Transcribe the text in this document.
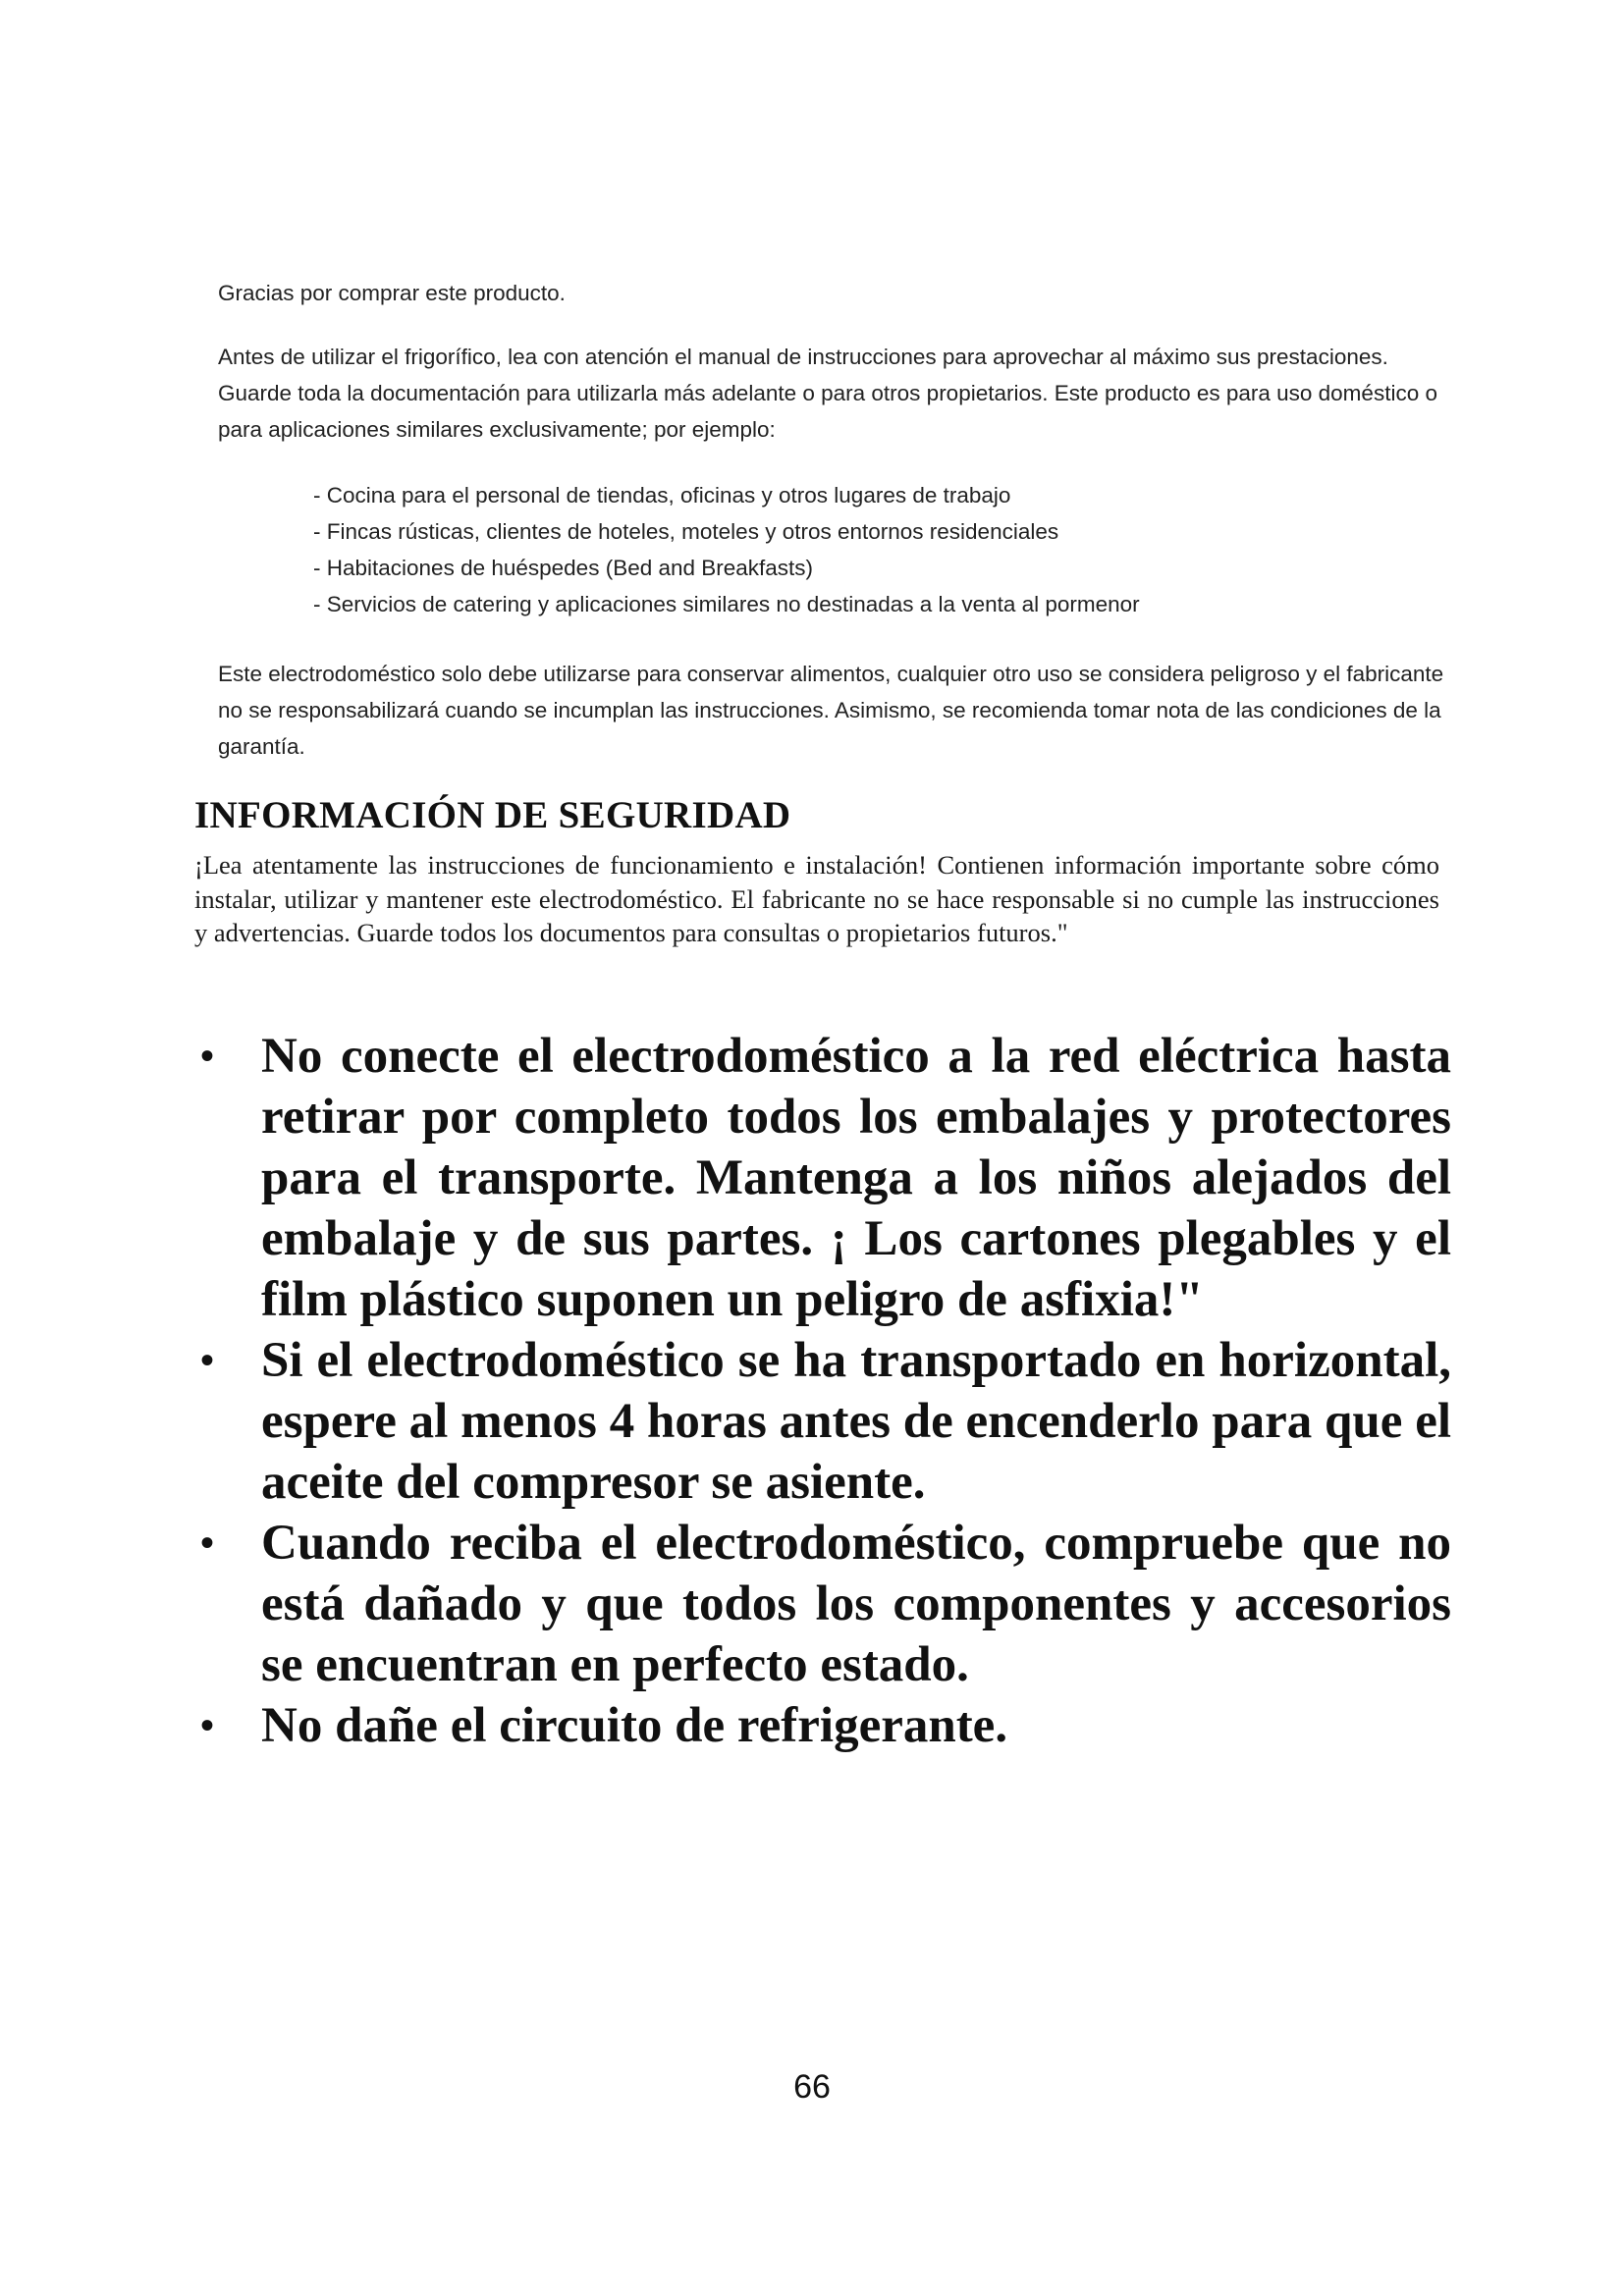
Gracias por comprar este producto.

Antes de utilizar el frigorífico, lea con atención el manual de instrucciones para aprovechar al máximo sus prestaciones. Guarde toda la documentación para utilizarla más adelante o para otros propietarios. Este producto es para uso doméstico o para aplicaciones similares exclusivamente; por ejemplo:

- Cocina para el personal de tiendas, oficinas y otros lugares de trabajo
- Fincas rústicas, clientes de hoteles, moteles y otros entornos residenciales
- Habitaciones de huéspedes (Bed and Breakfasts)
- Servicios de catering y aplicaciones similares no destinadas a la venta al pormenor

Este electrodoméstico solo debe utilizarse para conservar alimentos, cualquier otro uso se considera peligroso y el fabricante no se responsabilizará cuando se incumplan las instrucciones. Asimismo, se recomienda tomar nota de las condiciones de la garantía.

INFORMACIÓN DE SEGURIDAD

¡Lea atentamente las instrucciones de funcionamiento e instalación! Contienen información importante sobre cómo instalar, utilizar y mantener este electrodoméstico. El fabricante no se hace responsable si no cumple las instrucciones y advertencias. Guarde todos los documentos para consultas o propietarios futuros."

• No conecte el electrodoméstico a la red eléctrica hasta retirar por completo todos los embalajes y protectores para el transporte. Mantenga a los niños alejados del embalaje y de sus partes. ¡ Los cartones plegables y el film plástico suponen un peligro de asfixia!"
• Si el electrodoméstico se ha transportado en horizontal, espere al menos 4 horas antes de encenderlo para que el aceite del compresor se asiente.
• Cuando reciba el electrodoméstico, compruebe que no está dañado y que todos los componentes y accesorios se encuentran en perfecto estado.
• No dañe el circuito de refrigerante.
66
